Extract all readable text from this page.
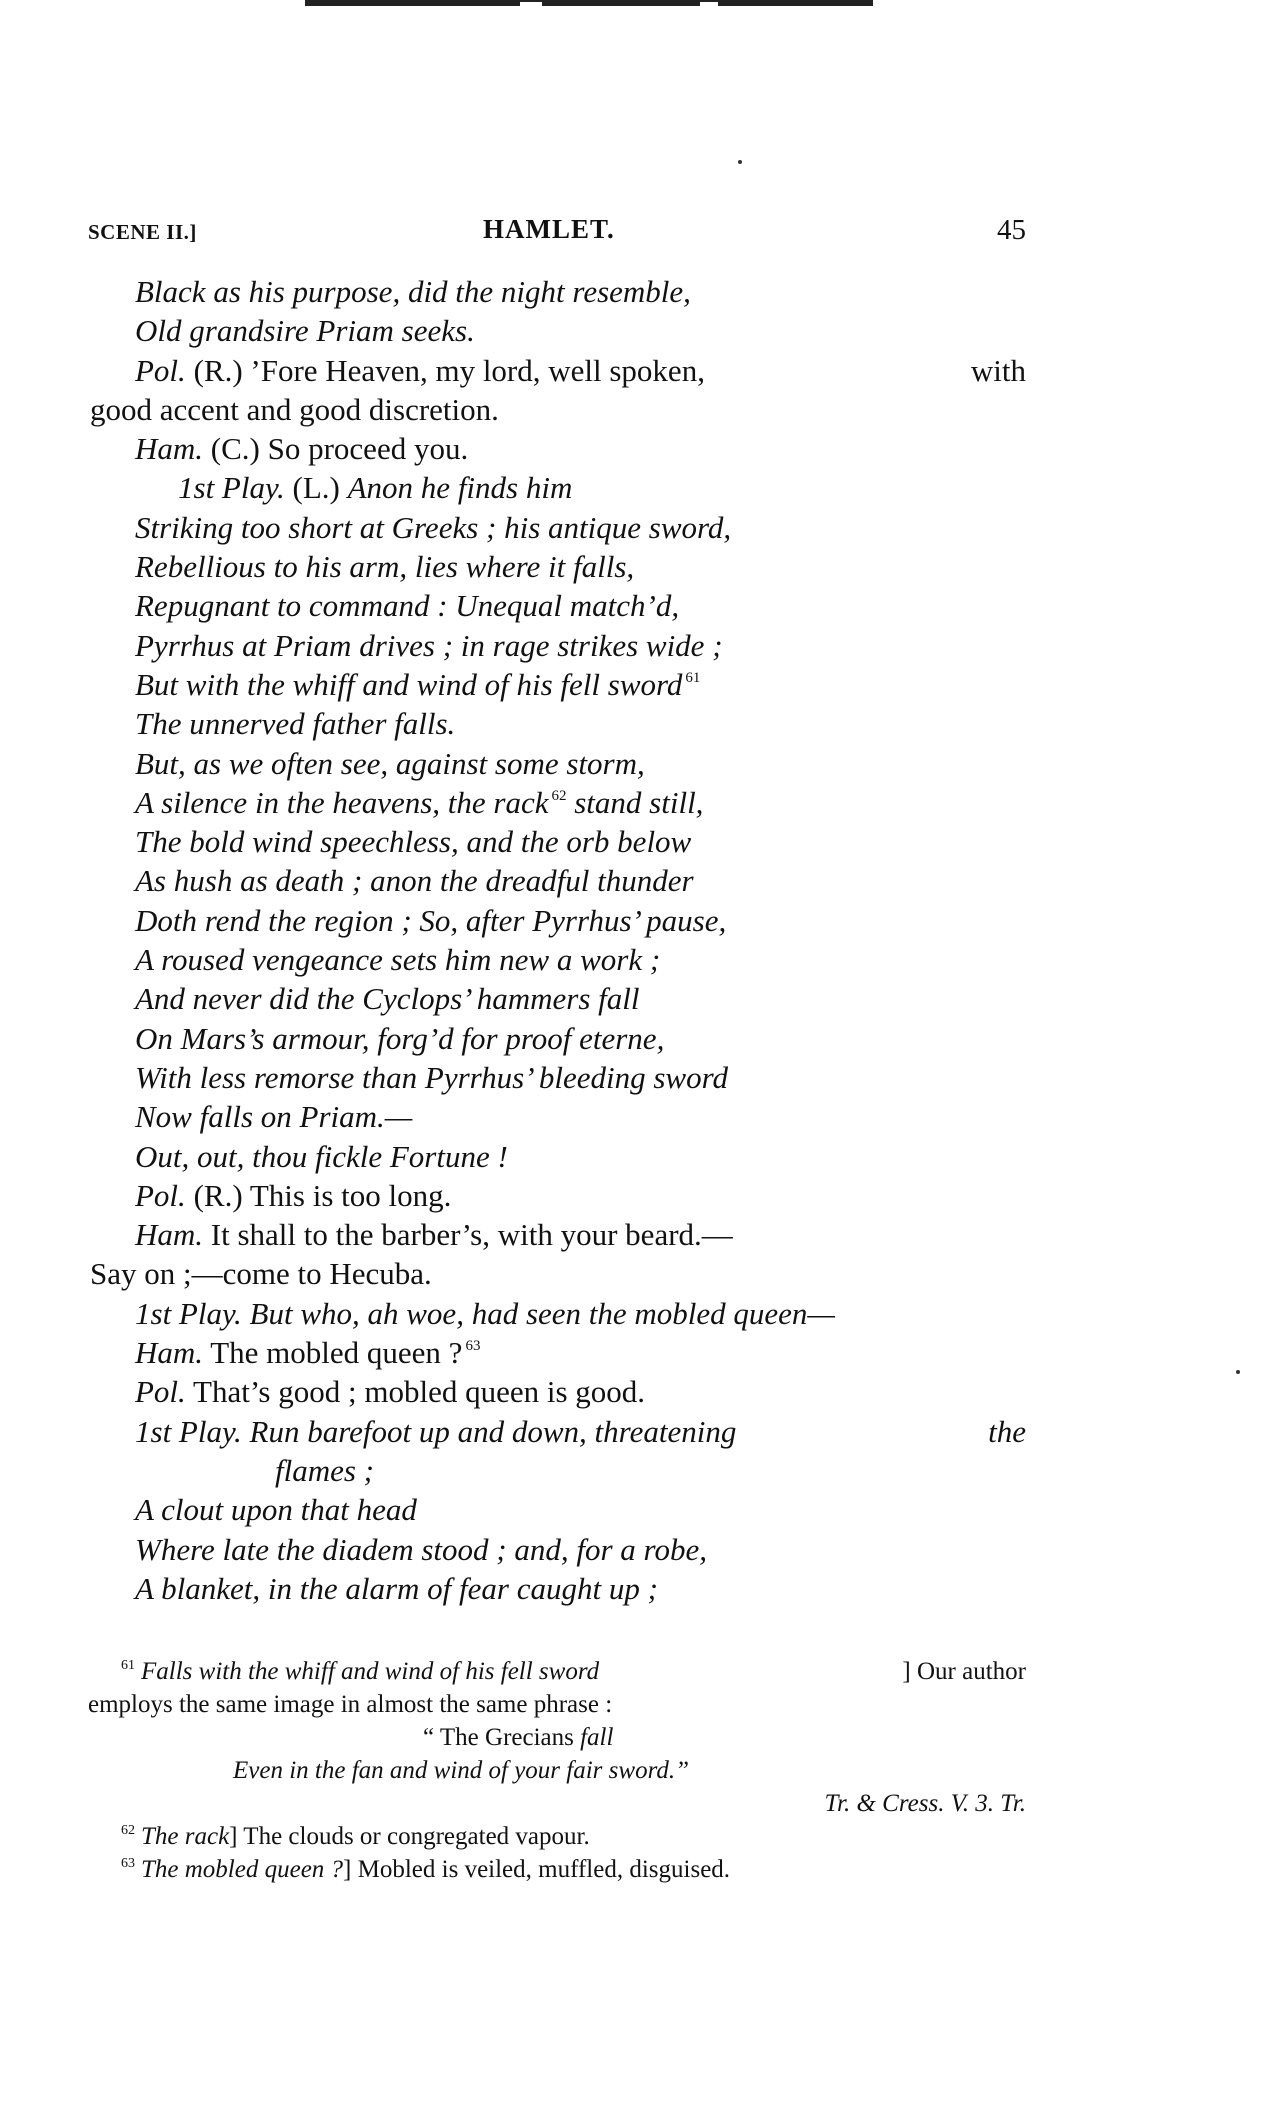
SCENE II.]	HAMLET.	45
Black as his purpose, did the night resemble,
Old grandsire Priam seeks.
Pol. (R.) ’Fore Heaven, my lord, well spoken,	with
good accent and good discretion.
Ham. (C.) So proceed you.
1st Play. (L.) Anon he finds him
Striking too short at Greeks ; his antique sword,
Rebellious to his arm, lies where it falls,
Repugnant to command : Unequal match’d,
Pyrrhus at Priam drives ; in rage strikes wide ;
But with the whiff and wind of his fell sword $^{61}$
The unnerved father falls.
But, as we often see, against some storm,
A silence in the heavens, the rack $^{62}$ stand still,
The bold wind speechless, and the orb below
As hush as death ; anon the dreadful thunder
Doth rend the region ; So, after Pyrrhus’ pause,
A roused vengeance sets him new a work ;
And never did the Cyclops’ hammers fall
On Mars’s armour, forg’d for proof eterne,
With less remorse than Pyrrhus’ bleeding sword
Now falls on Priam.—
Out, out, thou fickle Fortune !
Pol. (R.) This is too long.
Ham. It shall to the barber’s, with your beard.—
Say on ;—come to Hecuba.
1st Play. But who, ah woe, had seen the mobled queen—
Ham. The mobled queen ? $^{63}$
Pol. That’s good ; mobled queen is good.
1st Play. Run barefoot up and down, threatening	the
flames ;
A clout upon that head
Where late the diadem stood ; and, for a robe,
A blanket, in the alarm of fear caught up ;
$^{61}$ Falls with the whiff and wind of his fell sword	] Our author
employs the same image in almost the same phrase :
“ The Grecians fall
Even in the fan and wind of your fair sword.”
Tr. & Cress. V. 3. Tr.
$^{62}$ The rack] The clouds or congregated vapour.
$^{63}$ The mobled queen ?] Mobled is veiled, muffled, disguised.
